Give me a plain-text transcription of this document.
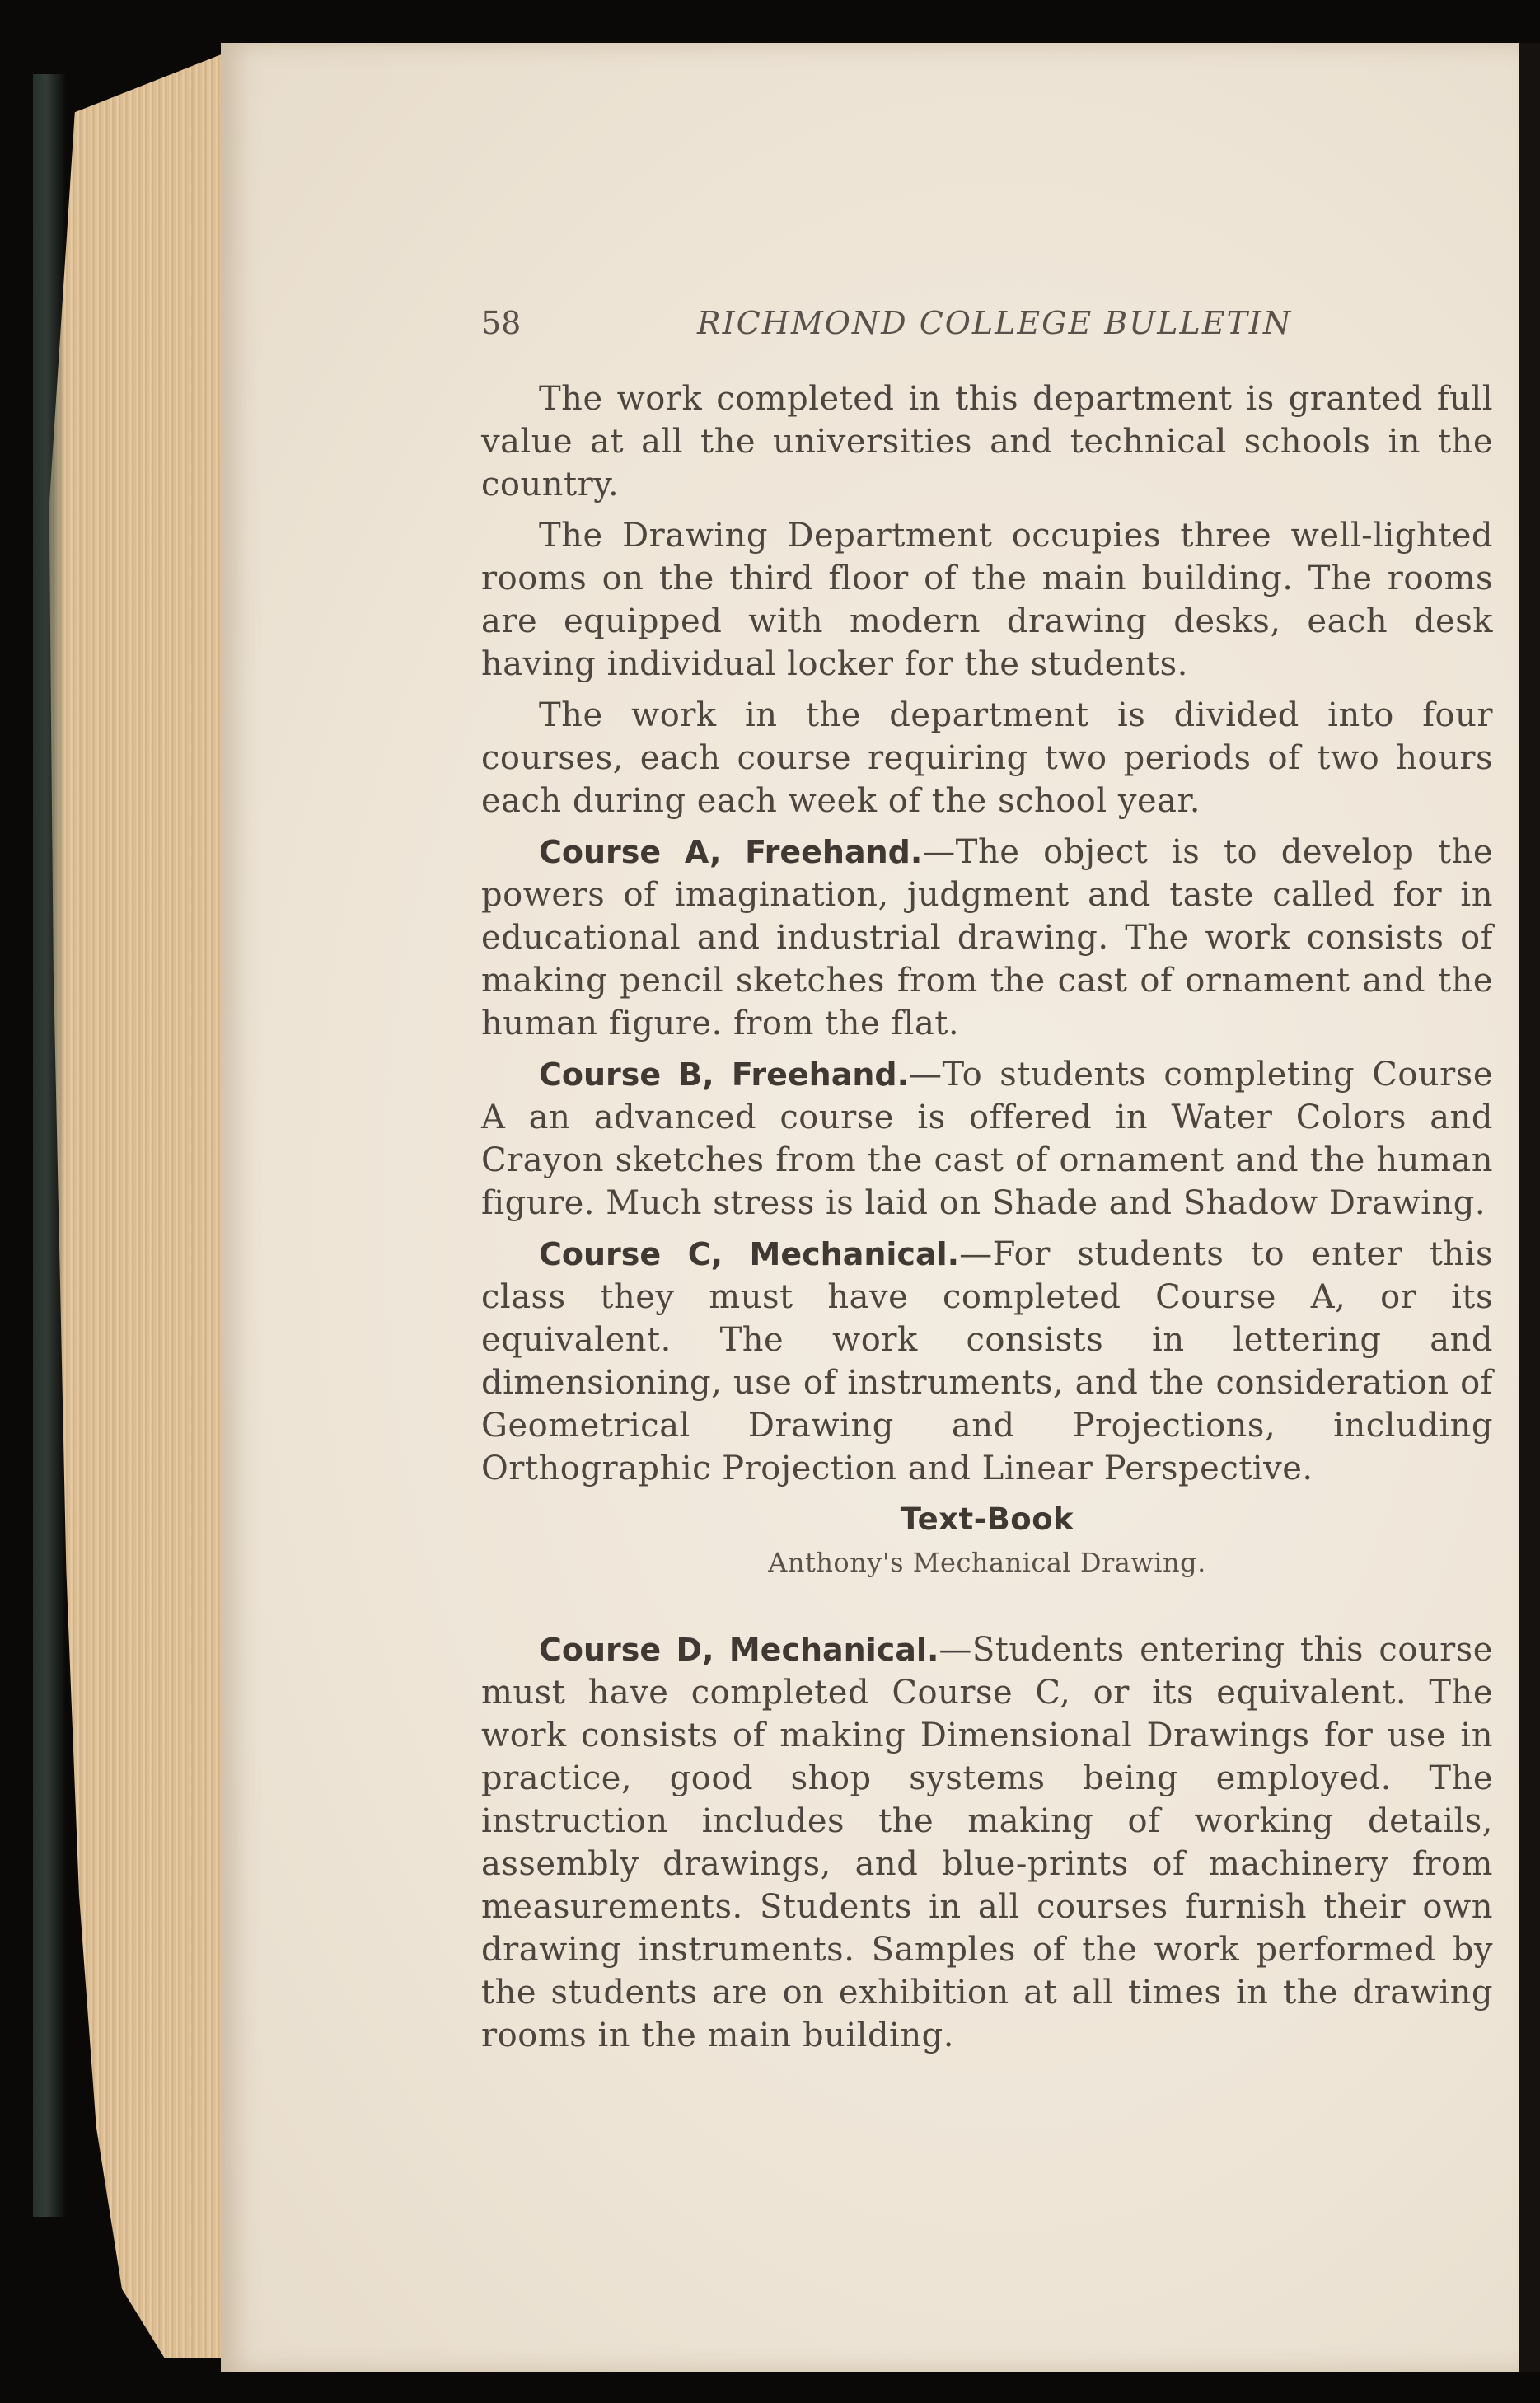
58	RICHMOND COLLEGE BULLETIN

The work completed in this department is granted full value at all the universities and technical schools in the country.

The Drawing Department occupies three well-lighted rooms on the third floor of the main building. The rooms are equipped with modern drawing desks, each desk having individual locker for the students.

The work in the department is divided into four courses, each course requiring two periods of two hours each during each week of the school year.

Course A, Freehand.—The object is to develop the powers of imagination, judgment and taste called for in educational and industrial drawing. The work consists of making pencil sketches from the cast of ornament and the human figure. from the flat.

Course B, Freehand.—To students completing Course A an advanced course is offered in Water Colors and Crayon sketches from the cast of ornament and the human figure. Much stress is laid on Shade and Shadow Drawing.

Course C, Mechanical.—For students to enter this class they must have completed Course A, or its equivalent. The work consists in lettering and dimensioning, use of instruments, and the consideration of Geometrical Drawing and Projections, including Orthographic Projection and Linear Perspective.

Text-Book
Anthony's Mechanical Drawing.

Course D, Mechanical.—Students entering this course must have completed Course C, or its equivalent. The work consists of making Dimensional Drawings for use in practice, good shop systems being employed. The instruction includes the making of working details, assembly drawings, and blue-prints of machinery from measurements. Students in all courses furnish their own drawing instruments. Samples of the work performed by the students are on exhibition at all times in the drawing rooms in the main building.
